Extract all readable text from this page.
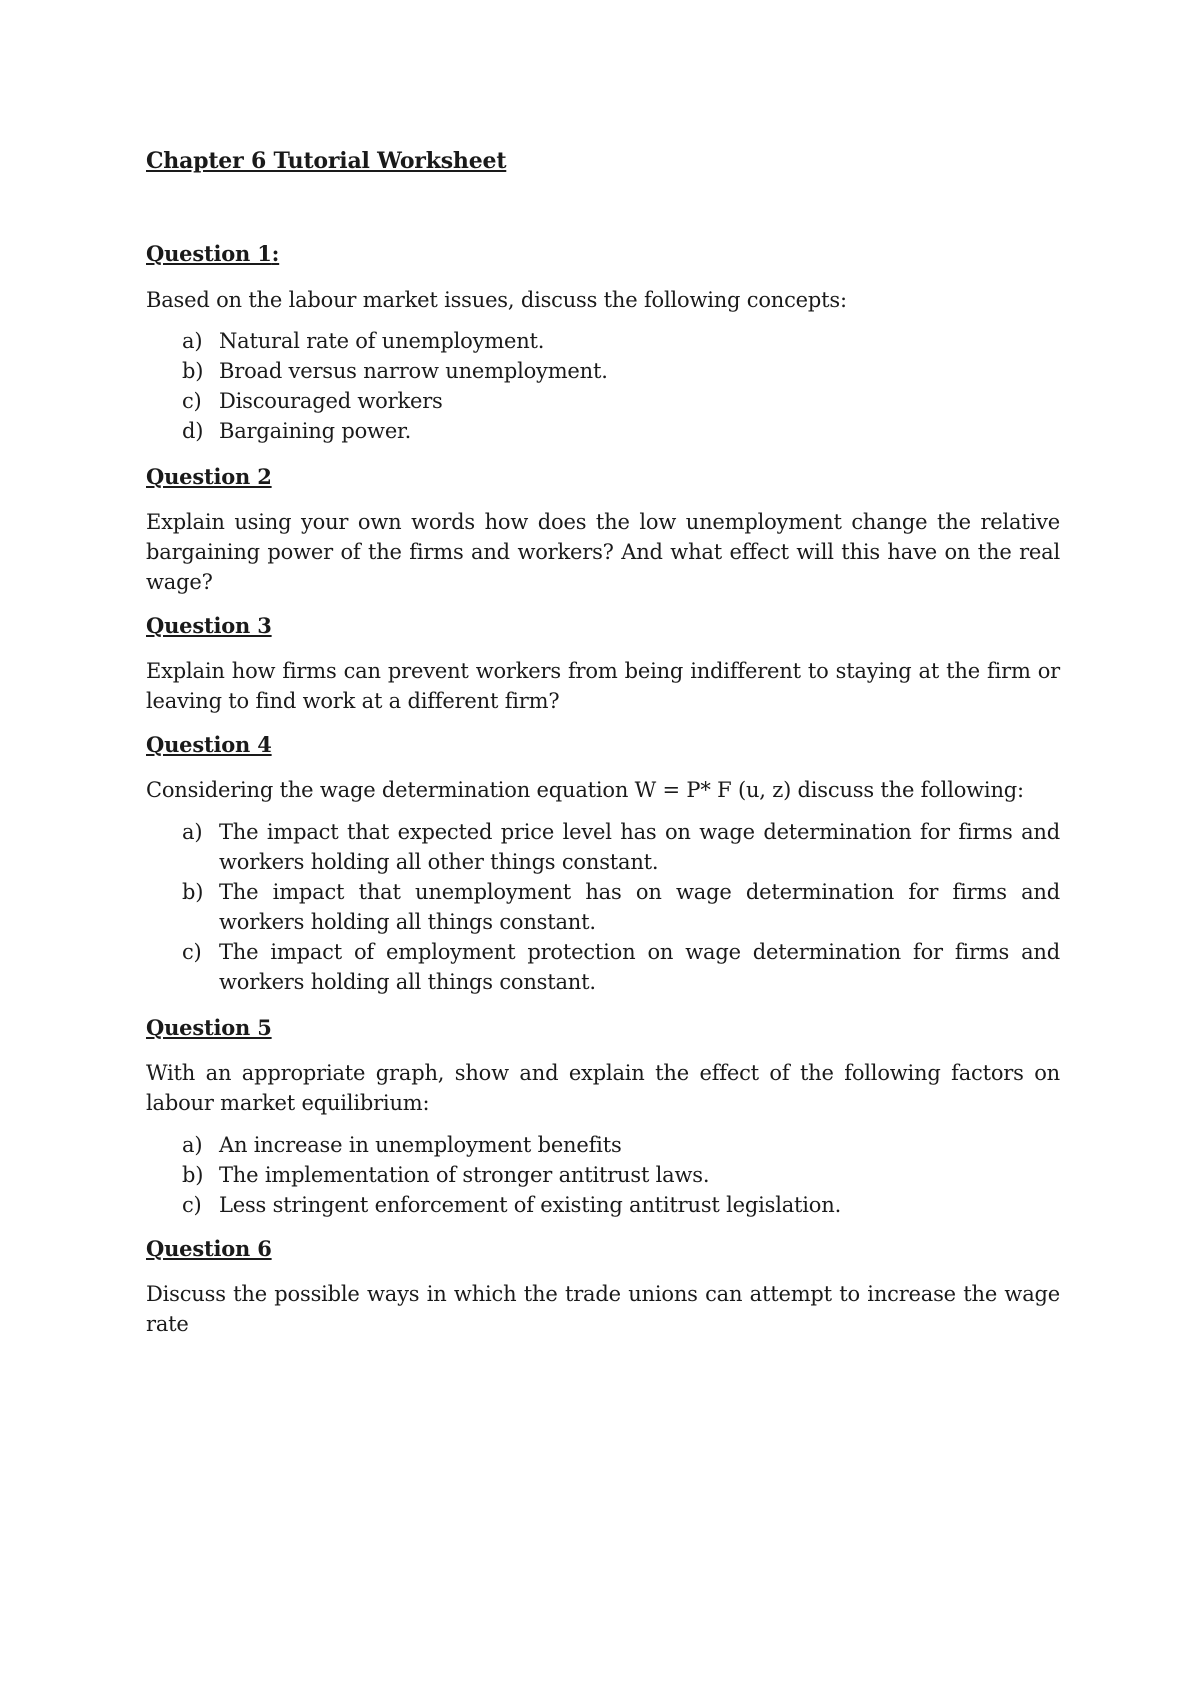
Chapter 6 Tutorial Worksheet
Question 1:

Based on the labour market issues, discuss the following concepts:

a) Natural rate of unemployment.
b) Broad versus narrow unemployment.
c) Discouraged workers
d) Bargaining power.
Question 2

Explain using your own words how does the low unemployment change the relative bargaining power of the firms and workers? And what effect will this have on the real wage?

Question 3

Explain how firms can prevent workers from being indifferent to staying at the firm or leaving to find work at a different firm?

Question 4

Considering the wage determination equation W = P* F (u, z) discuss the following:

a) The impact that expected price level has on wage determination for firms and workers holding all other things constant.
b) The impact that unemployment has on wage determination for firms and workers holding all things constant.
c) The impact of employment protection on wage determination for firms and workers holding all things constant.
Question 5

With an appropriate graph, show and explain the effect of the following factors on labour market equilibrium:

a) An increase in unemployment benefits
b) The implementation of stronger antitrust laws.
c) Less stringent enforcement of existing antitrust legislation.
Question 6

Discuss the possible ways in which the trade unions can attempt to increase the wage rate
